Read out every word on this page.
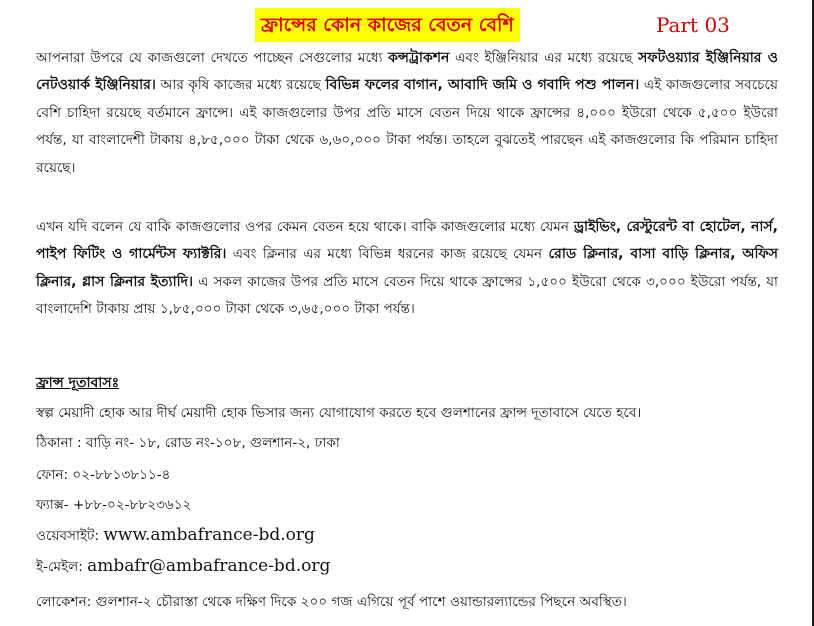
ফ্রান্সের কোন কাজের বেতন বেশি	Part 03
আপনারা উপরে যে কাজগুলো দেখতে পাচ্ছেন সেগুলোর মধ্যে কন্সট্রাকশন এবং ইঞ্জিনিয়ার এর মধ্যে রয়েছে সফটওয়্যার ইঞ্জিনিয়ার ও নেটওয়ার্ক ইঞ্জিনিয়ার। আর কৃষি কাজের মধ্যে রয়েছে বিভিন্ন ফলের বাগান, আবাদি জমি ও গবাদি পশু পালন। এই কাজগুলোর সবচেয়ে বেশি চাহিদা রয়েছে বর্তমানে ফ্রান্সে। এই কাজগুলোর উপর প্রতি মাসে বেতন দিয়ে থাকে ফ্রান্সের ৪,০০০ ইউরো থেকে ৫,৫০০ ইউরো পর্যন্ত, যা বাংলাদেশী টাকায় ৪,৮৫,০০০ টাকা থেকে ৬,৬০,০০০ টাকা পর্যন্ত। তাহলে বুঝতেই পারছেন এই কাজগুলোর কি পরিমান চাহিদা রয়েছে।
এখন যদি বলেন যে বাকি কাজগুলোর ওপর কেমন বেতন হয়ে থাকে। বাকি কাজগুলোর মধ্যে যেমন ড্রাইভিং, রেস্টুরেন্ট বা হোটেল, নার্স, পাইপ ফিটিং ও গার্মেন্টস ফ্যাক্টরি। এবং ক্লিনার এর মধ্যে বিভিন্ন ধরনের কাজ রয়েছে যেমন রোড ক্লিনার, বাসা বাড়ি ক্লিনার, অফিস ক্লিনার, গ্লাস ক্লিনার ইত্যাদি। এ সকল কাজের উপর প্রতি মাসে বেতন দিয়ে থাকে ফ্রান্সের ১,৫০০ ইউরো থেকে ৩,০০০ ইউরো পর্যন্ত, যা বাংলাদেশি টাকায় প্রায় ১,৮৫,০০০ টাকা থেকে ৩,৬৫,০০০ টাকা পর্যন্ত।
ফ্রান্স দূতাবাসঃ
স্বল্প মেয়াদী হোক আর দীর্ঘ মেয়াদী হোক ভিসার জন্য যোগাযোগ করতে হবে গুলশানের ফ্রান্স দূতাবাসে যেতে হবে।
ঠিকানা : বাড়ি নং- ১৮, রোড নং-১০৮, গুলশান-২, ঢাকা
ফোন: ০২-৮৮১৩৮১১-৪
ফ্যাক্স- +৮৮-০২-৮৮২৩৬১২
ওয়েবসাইট: www.ambafrance-bd.org
ই-মেইল: ambafr@ambafrance-bd.org
লোকেশন: গুলশান-২ চৌরাস্তা থেকে দক্ষিণ দিকে ২০০ গজ এগিয়ে পূর্ব পাশে ওয়ান্ডারল্যান্ডের পিছনে অবস্থিত।
